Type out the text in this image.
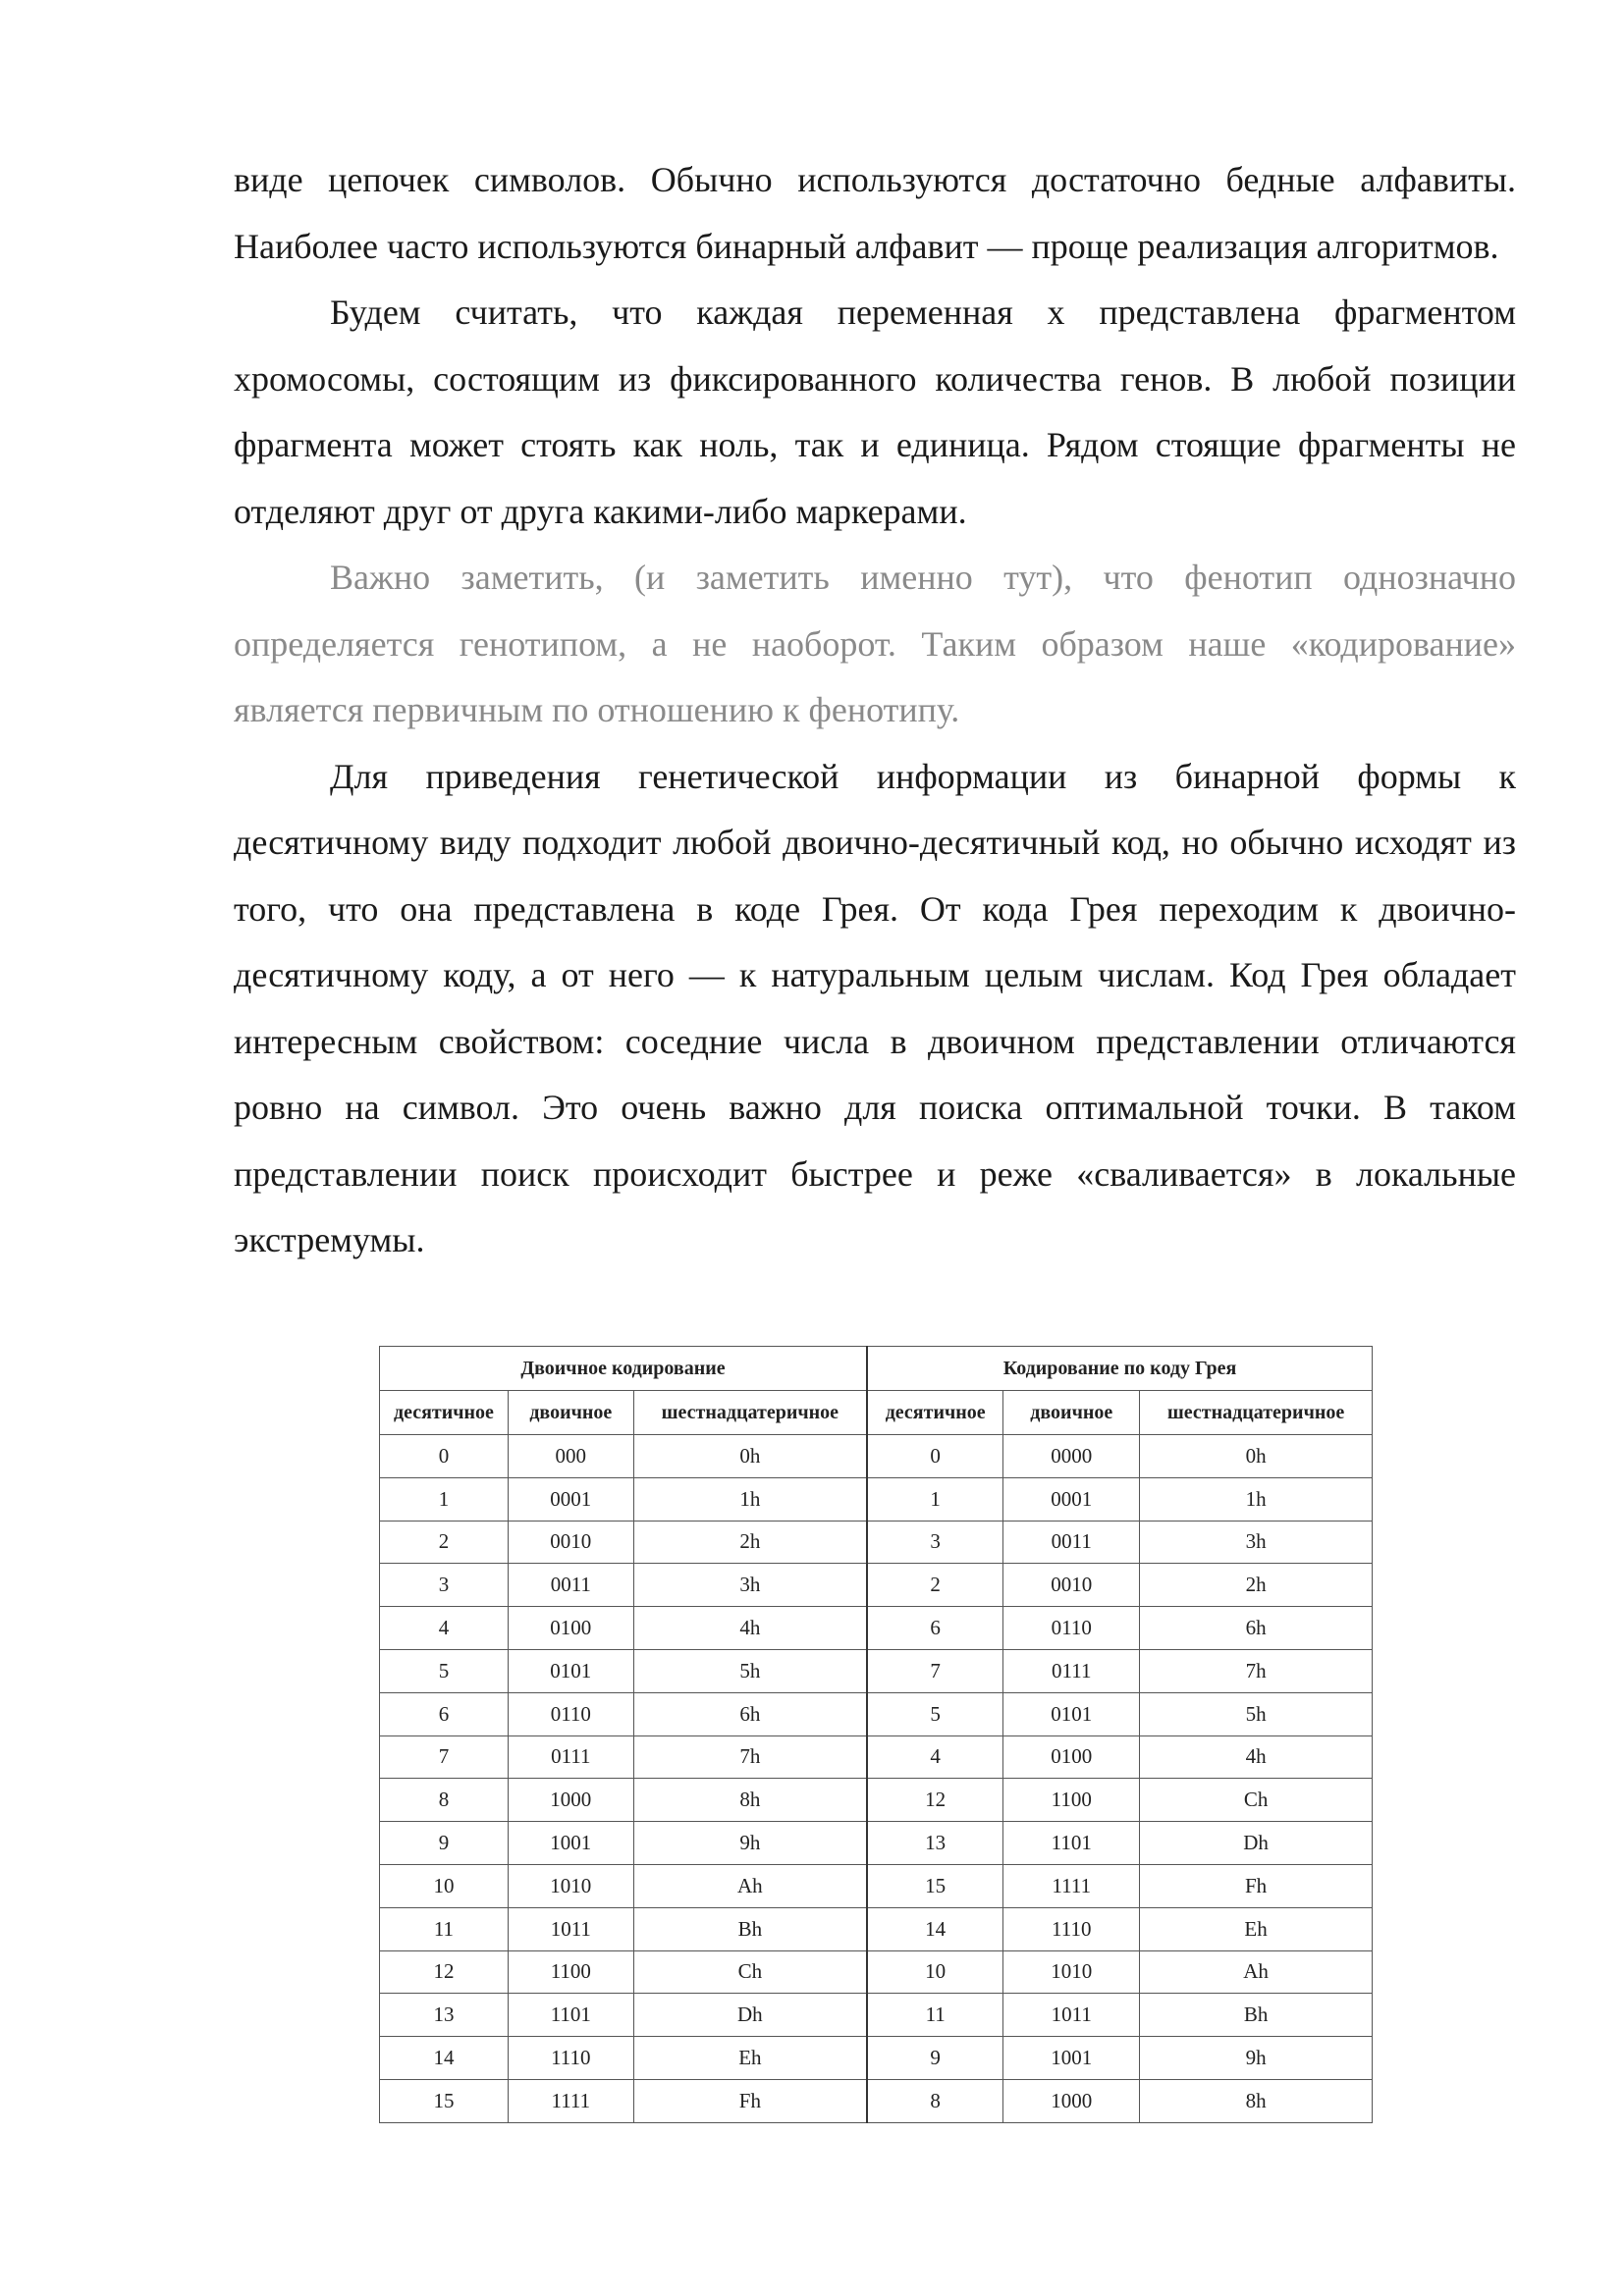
виде цепочек символов. Обычно используются достаточно бедные алфавиты. Наиболее часто используются бинарный алфавит — проще реализация алгоритмов.

Будем считать, что каждая переменная x представлена фрагментом хромосомы, состоящим из фиксированного количества генов. В любой позиции фрагмента может стоять как ноль, так и единица. Рядом стоящие фрагменты не отделяют друг от друга какими-либо маркерами.

Важно заметить, (и заметить именно тут), что фенотип однозначно определяется генотипом, а не наоборот. Таким образом наше «кодирование» является первичным по отношению к фенотипу.

Для приведения генетической информации из бинарной формы к десятичному виду подходит любой двоично-десятичный код, но обычно исходят из того, что она представлена в коде Грея. От кода Грея переходим к двоично-десятичному коду, а от него — к натуральным целым числам. Код Грея обладает интересным свойством: соседние числа в двоичном представлении отличаются ровно на символ. Это очень важно для поиска оптимальной точки. В таком представлении поиск происходит быстрее и реже «сваливается» в локальные экстремумы.

Двоичное кодирование			Кодирование по коду Грея		
десятичное	двоичное	шестнадцатеричное	десятичное	двоичное	шестнадцатеричное
0	000	0h	0	0000	0h
1	0001	1h	1	0001	1h
2	0010	2h	3	0011	3h
3	0011	3h	2	0010	2h
4	0100	4h	6	0110	6h
5	0101	5h	7	0111	7h
6	0110	6h	5	0101	5h
7	0111	7h	4	0100	4h
8	1000	8h	12	1100	Ch
9	1001	9h	13	1101	Dh
10	1010	Ah	15	1111	Fh
11	1011	Bh	14	1110	Eh
12	1100	Ch	10	1010	Ah
13	1101	Dh	11	1011	Bh
14	1110	Eh	9	1001	9h
15	1111	Fh	8	1000	8h
